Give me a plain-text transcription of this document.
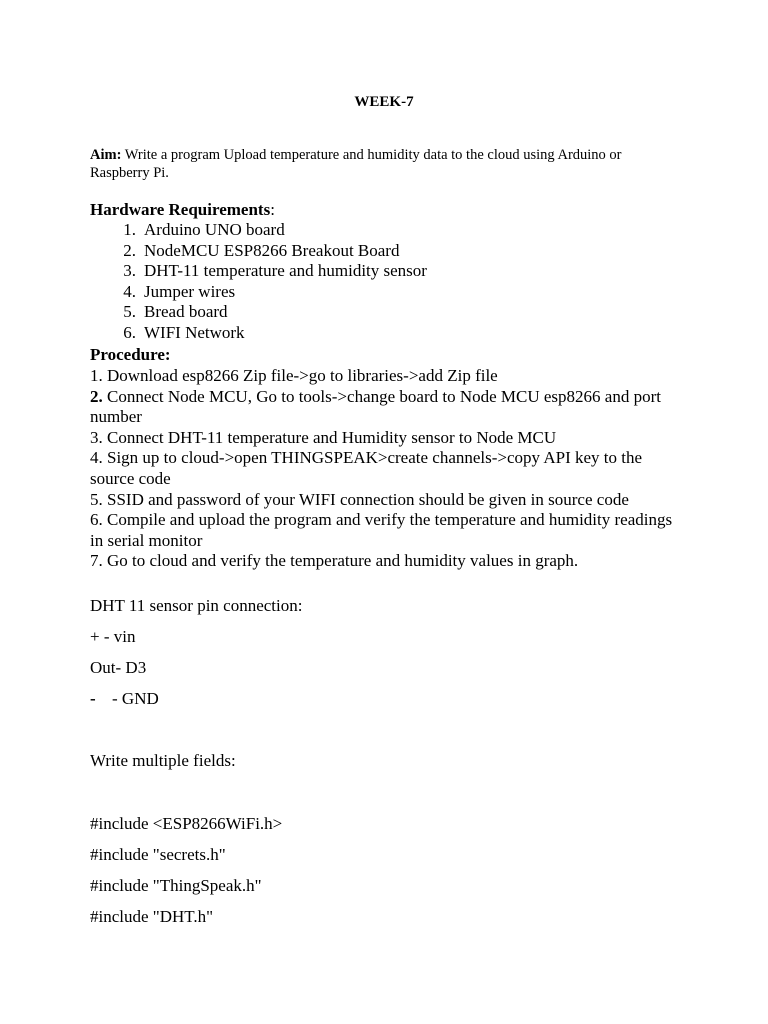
WEEK-7
Aim: Write a program Upload temperature and humidity data to the cloud using Arduino or Raspberry Pi.
Hardware Requirements:
1. Arduino UNO board
2. NodeMCU ESP8266 Breakout Board
3. DHT-11 temperature and humidity sensor
4. Jumper wires
5. Bread board
6. WIFI Network
Procedure:
1. Download esp8266 Zip file->go to libraries->add Zip file
2. Connect Node MCU, Go to tools->change board to Node MCU esp8266 and port number
3. Connect DHT-11 temperature and Humidity sensor to Node MCU
4. Sign up to cloud->open THINGSPEAK>create channels->copy API key to the source code
5. SSID and password of your WIFI connection should be given in source code
6. Compile and upload the program and verify the temperature and humidity readings in serial monitor
7. Go to cloud and verify the temperature and humidity values in graph.
DHT 11 sensor pin connection:
+ - vin
Out- D3
- - GND
Write multiple fields:
#include <ESP8266WiFi.h>
#include "secrets.h"
#include "ThingSpeak.h"
#include "DHT.h"
